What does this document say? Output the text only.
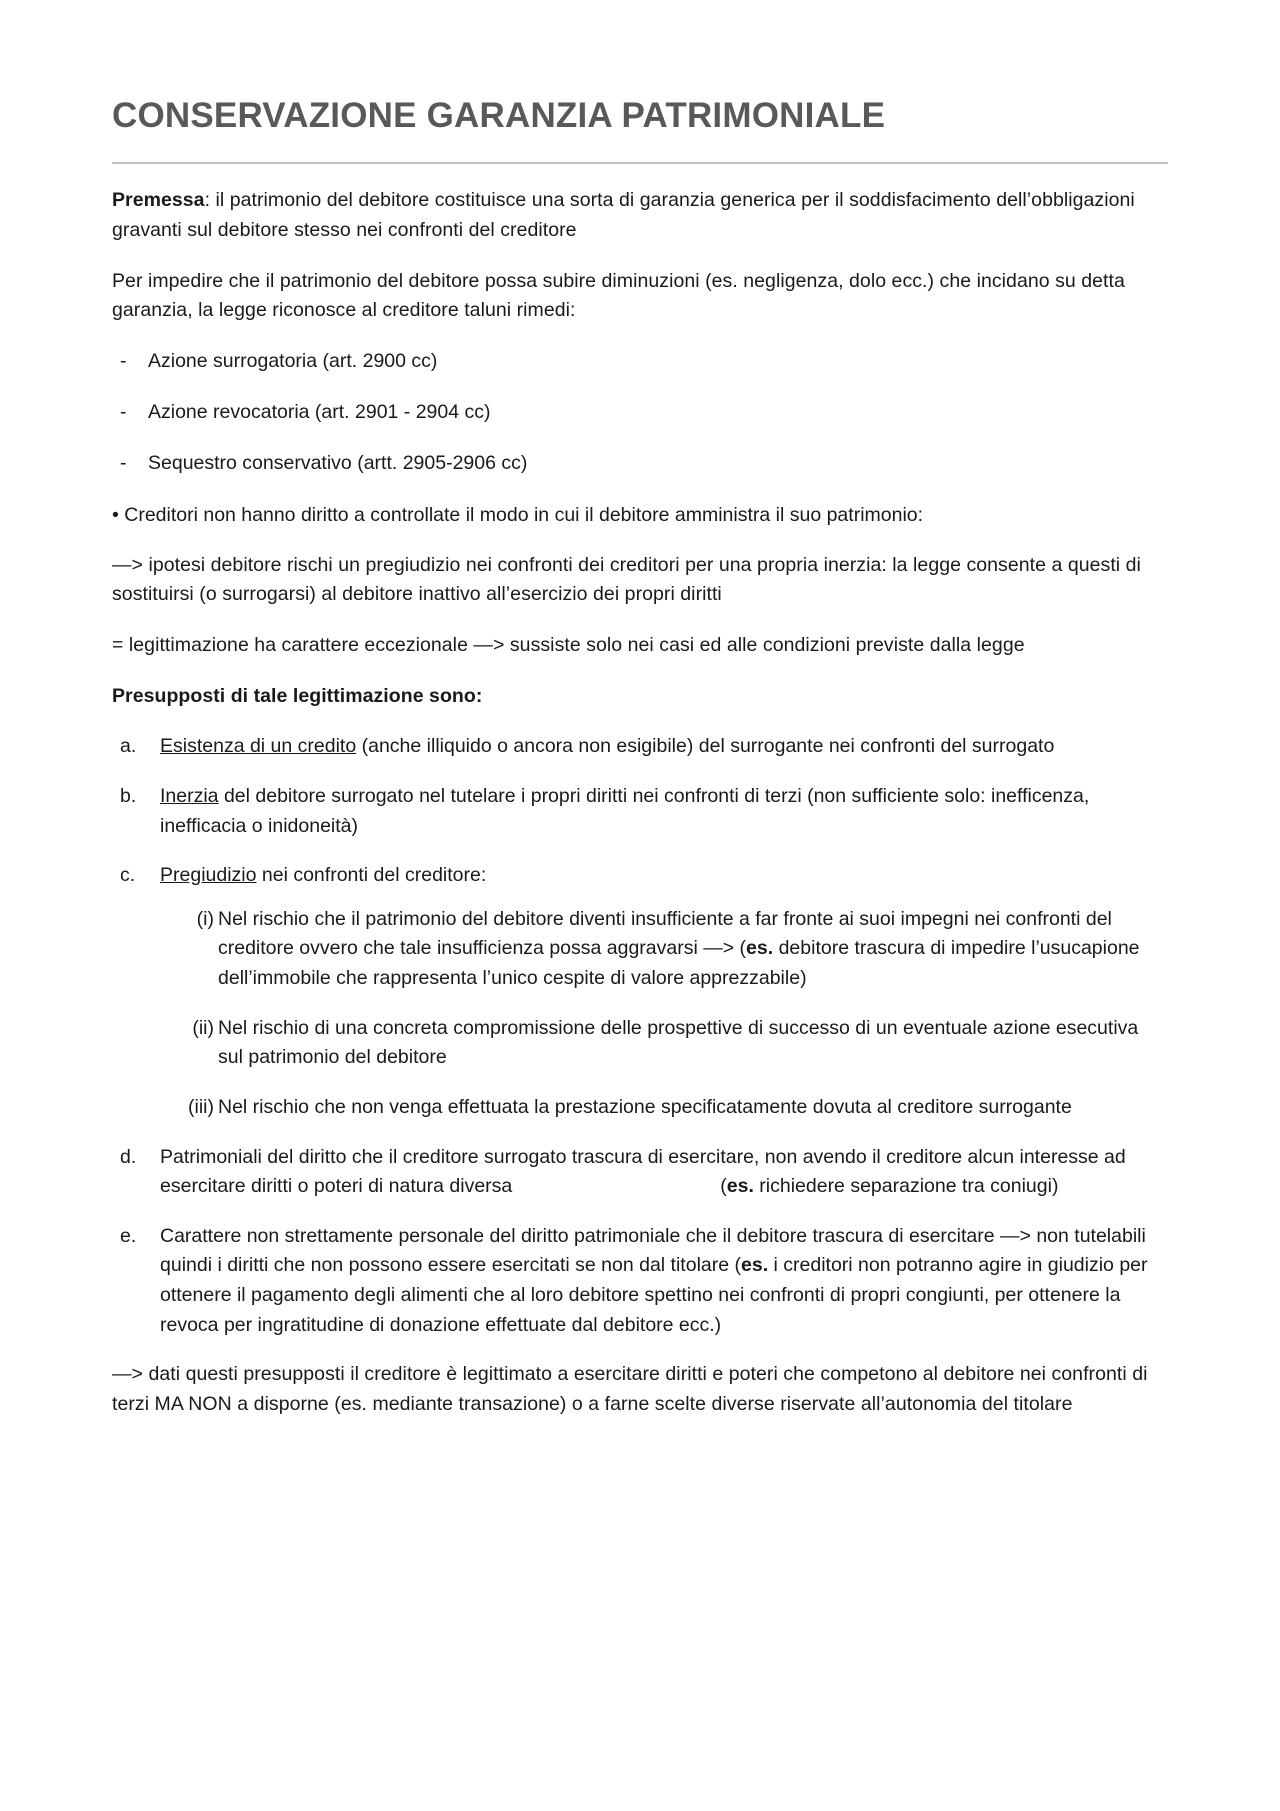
CONSERVAZIONE GARANZIA PATRIMONIALE

Premessa: il patrimonio del debitore costituisce una sorta di garanzia generica per il soddisfacimento dell’obbligazioni gravanti sul debitore stesso nei confronti del creditore

Per impedire che il patrimonio del debitore possa subire diminuzioni (es. negligenza, dolo ecc.) che incidano su detta garanzia, la legge riconosce al creditore taluni rimedi:

- Azione surrogatoria (art. 2900 cc)
- Azione revocatoria (art. 2901 - 2904 cc)
- Sequestro conservativo (artt. 2905-2906 cc)

• Creditori non hanno diritto a controllate il modo in cui il debitore amministra il suo patrimonio:

—> ipotesi debitore rischi un pregiudizio nei confronti dei creditori per una propria inerzia: la legge consente a questi di sostituirsi (o surrogarsi) al debitore inattivo all’esercizio dei propri diritti

= legittimazione ha carattere eccezionale —> sussiste solo nei casi ed alle condizioni previste dalla legge

Presupposti di tale legittimazione sono:

a.	Esistenza di un credito (anche illiquido o ancora non esigibile) del surrogante nei confronti del surrogato
b.	Inerzia del debitore surrogato nel tutelare i propri diritti nei confronti di terzi (non sufficiente solo: inefficenza, inefficacia o inidoneità)
c.	Pregiudizio nei confronti del creditore:
(i) Nel rischio che il patrimonio del debitore diventi insufficiente a far fronte ai suoi impegni nei confronti del creditore ovvero che tale insufficienza possa aggravarsi —> (es. debitore trascura di impedire l’usucapione dell’immobile che rappresenta l’unico cespite di valore apprezzabile)
(ii) Nel rischio di una concreta compromissione delle prospettive di successo di un eventuale azione esecutiva sul patrimonio del debitore
(iii) Nel rischio che non venga effettuata la prestazione specificatamente dovuta al creditore surrogante
d.	Patrimoniali del diritto che il creditore surrogato trascura di esercitare, non avendo il creditore alcun interesse ad esercitare diritti o poteri di natura diversa	(es. richiedere separazione tra coniugi)
e.	Carattere non strettamente personale del diritto patrimoniale che il debitore trascura di esercitare —> non tutelabili quindi i diritti che non possono essere esercitati se non dal titolare (es. i creditori non potranno agire in giudizio per ottenere il pagamento degli alimenti che al loro debitore spettino nei confronti di propri congiunti, per ottenere la revoca per ingratitudine di donazione effettuate dal debitore ecc.)

—> dati questi presupposti il creditore è legittimato a esercitare diritti e poteri che competono al debitore nei confronti di terzi MA NON a disporne (es. mediante transazione) o a farne scelte diverse riservate all’autonomia del titolare
